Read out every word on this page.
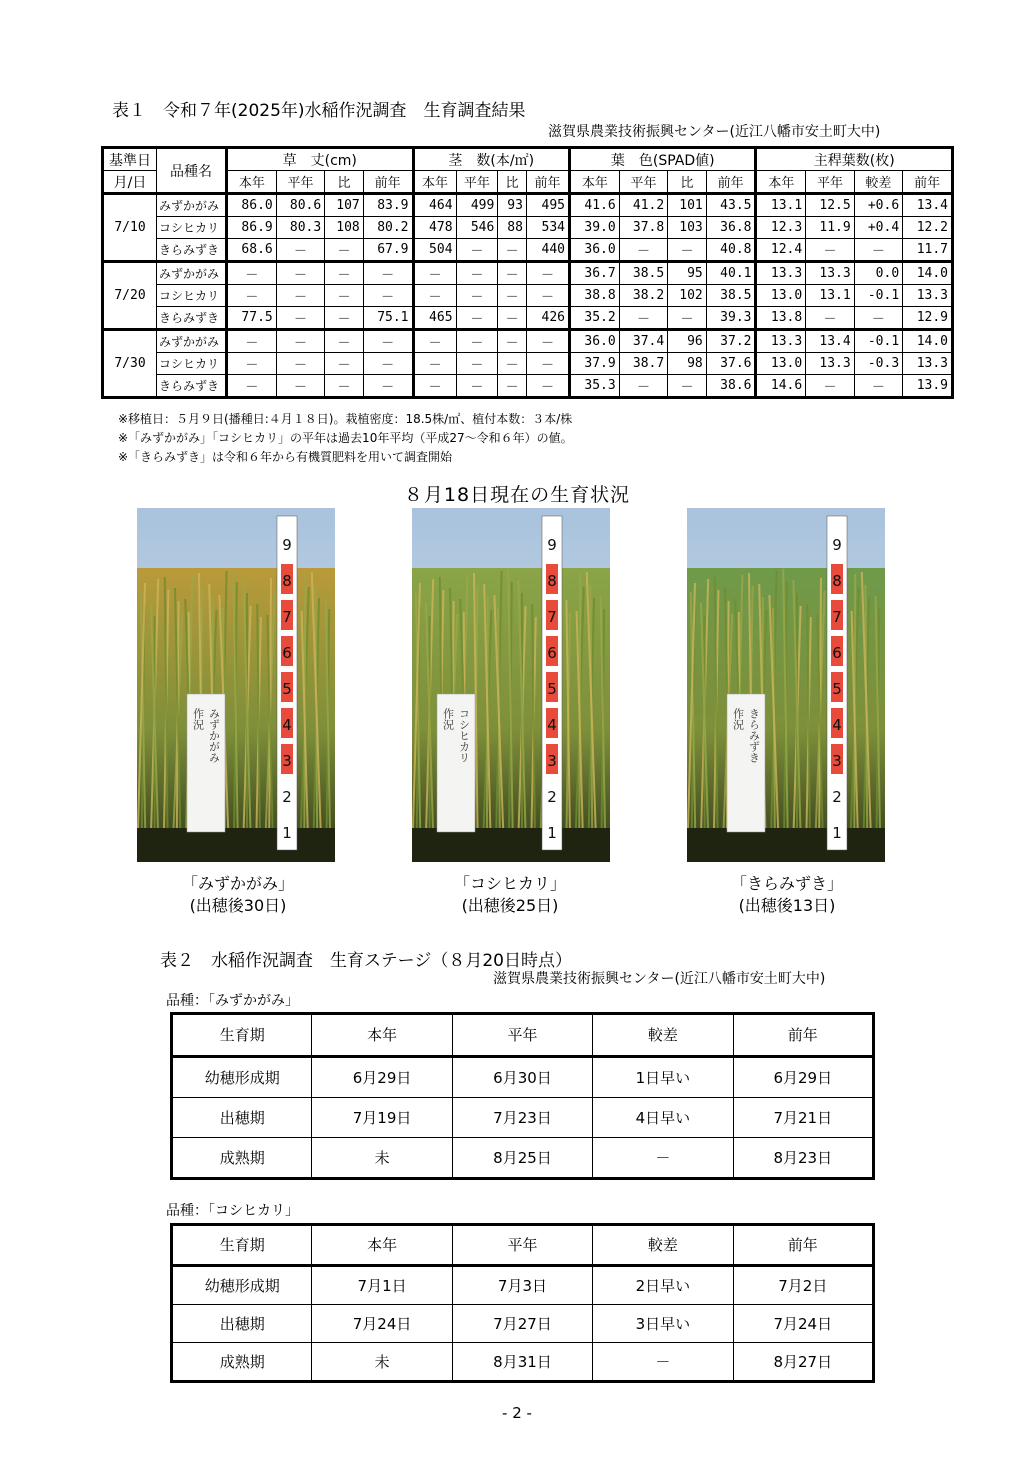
表１　令和７年(2025年)水稲作況調査　生育調査結果
滋賀県農業技術振興センター(近江八幡市安土町大中)
基準日	品種名	草　丈(cm)				茎　数(本/㎡)				葉　色(SPAD値)				主稈葉数(枚)			
月/日		本年	平年	比	前年	本年	平年	比	前年	本年	平年	比	前年	本年	平年	較差	前年
7/10	みずかがみ	86.0	80.6	107	83.9	464	499	93	495	41.6	41.2	101	43.5	13.1	12.5	+0.6	13.4
	コシヒカリ	86.9	80.3	108	80.2	478	546	88	534	39.0	37.8	103	36.8	12.3	11.9	+0.4	12.2
	きらみずき	68.6	－	－	67.9	504	－	－	440	36.0	－	－	40.8	12.4	－	－	11.7
7/20	みずかがみ	－	－	－	－	－	－	－	－	36.7	38.5	95	40.1	13.3	13.3	0.0	14.0
	コシヒカリ	－	－	－	－	－	－	－	－	38.8	38.2	102	38.5	13.0	13.1	-0.1	13.3
	きらみずき	77.5	－	－	75.1	465	－	－	426	35.2	－	－	39.3	13.8	－	－	12.9
7/30	みずかがみ	－	－	－	－	－	－	－	－	36.0	37.4	96	37.2	13.3	13.4	-0.1	14.0
	コシヒカリ	－	－	－	－	－	－	－	－	37.9	38.7	98	37.6	13.0	13.3	-0.3	13.3
	きらみずき	－	－	－	－	－	－	－	－	35.3	－	－	38.6	14.6	－	－	13.9
※移植日：５月９日(播種日:４月１８日)。栽植密度：18.5株/㎡、植付本数：３本/株
※「みずかがみ」「コシヒカリ」の平年は過去10年平均（平成27～令和６年）の値。
※「きらみずき」は令和６年から有機質肥料を用いて調査開始
８月18日現在の生育状況
9
8
7
6
5
4
3
2
1
作況 みずかがみ
「みずかがみ」
(出穂後30日)
9
8
7
6
5
4
3
2
1
作況 コシヒカリ
「コシヒカリ」
(出穂後25日)
9
8
7
6
5
4
3
2
1
作況 きらみずき
「きらみずき」
(出穂後13日)
表２　水稲作況調査　生育ステージ（８月20日時点）
滋賀県農業技術振興センター(近江八幡市安土町大中)
品種：「みずかがみ」
生育期	本年	平年	較差	前年
幼穂形成期	6月29日	6月30日	1日早い	6月29日
出穂期	7月19日	7月23日	4日早い	7月21日
成熟期	未	8月25日	－	8月23日
品種：「コシヒカリ」
生育期	本年	平年	較差	前年
幼穂形成期	7月1日	7月3日	2日早い	7月2日
出穂期	7月24日	7月27日	3日早い	7月24日
成熟期	未	8月31日	－	8月27日
- 2 -
